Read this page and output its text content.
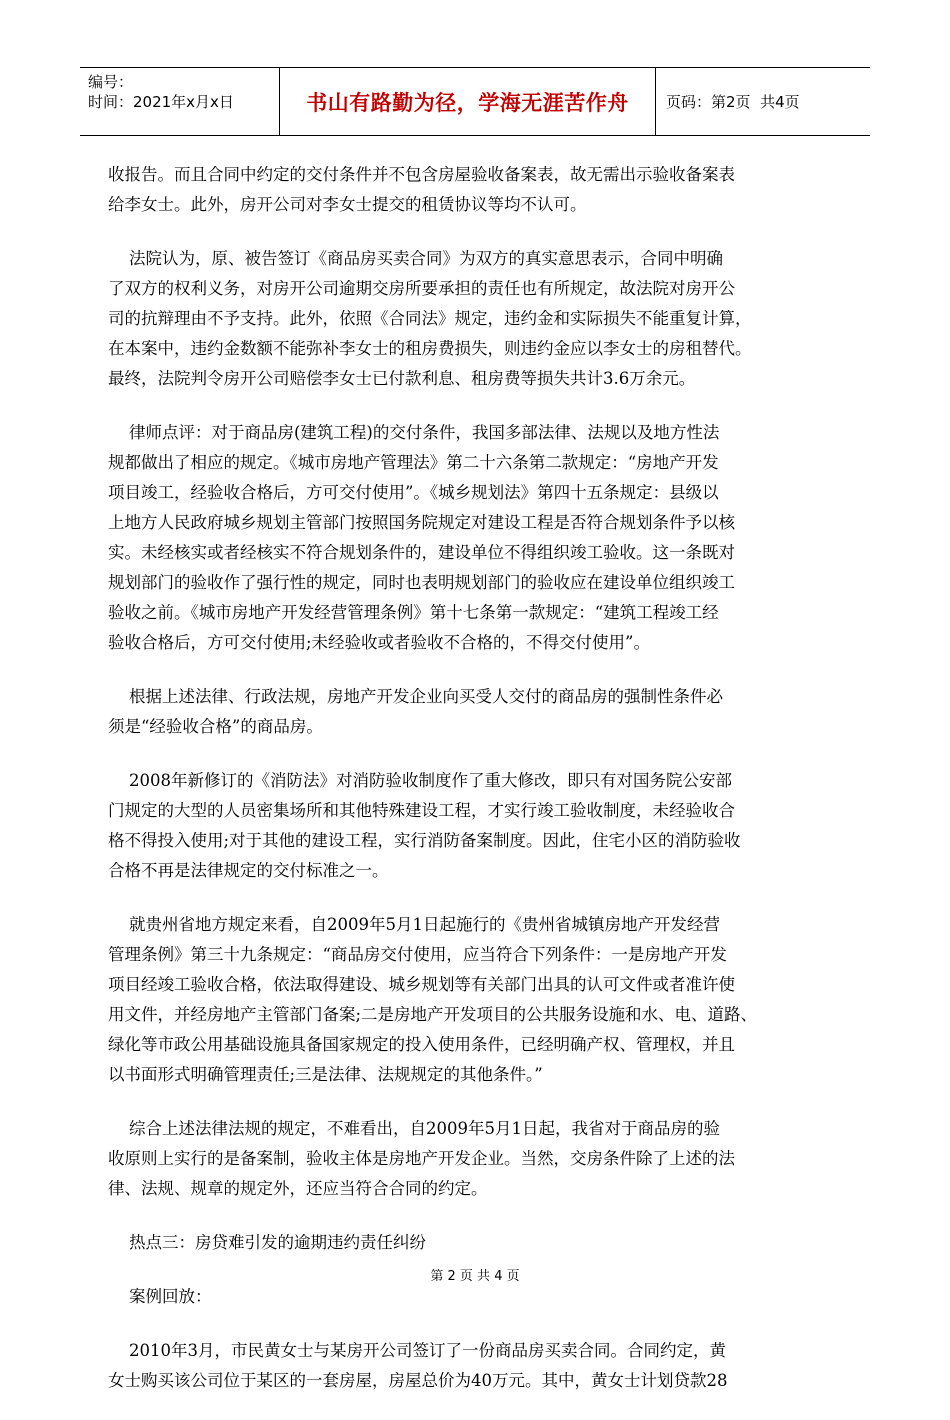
编号：
时间：2021年x月x日	书山有路勤为径，学海无涯苦作舟	页码：第2页  共4页
收报告。而且合同中约定的交付条件并不包含房屋验收备案表，故无需出示验收备案表
给李女士。此外，房开公司对李女士提交的租赁协议等均不认可。
法院认为，原、被告签订《商品房买卖合同》为双方的真实意思表示，合同中明确
了双方的权利义务，对房开公司逾期交房所要承担的责任也有所规定，故法院对房开公
司的抗辩理由不予支持。此外，依照《合同法》规定，违约金和实际损失不能重复计算，
在本案中，违约金数额不能弥补李女士的租房费损失，则违约金应以李女士的房租替代。
最终，法院判令房开公司赔偿李女士已付款利息、租房费等损失共计3.6万余元。
律师点评：对于商品房(建筑工程)的交付条件，我国多部法律、法规以及地方性法
规都做出了相应的规定。《城市房地产管理法》第二十六条第二款规定：“房地产开发
项目竣工，经验收合格后，方可交付使用”。《城乡规划法》第四十五条规定：县级以
上地方人民政府城乡规划主管部门按照国务院规定对建设工程是否符合规划条件予以核
实。未经核实或者经核实不符合规划条件的，建设单位不得组织竣工验收。这一条既对
规划部门的验收作了强行性的规定，同时也表明规划部门的验收应在建设单位组织竣工
验收之前。《城市房地产开发经营管理条例》第十七条第一款规定：“建筑工程竣工经
验收合格后，方可交付使用;未经验收或者验收不合格的，不得交付使用”。
根据上述法律、行政法规，房地产开发企业向买受人交付的商品房的强制性条件必
须是“经验收合格”的商品房。
2008年新修订的《消防法》对消防验收制度作了重大修改，即只有对国务院公安部
门规定的大型的人员密集场所和其他特殊建设工程，才实行竣工验收制度，未经验收合
格不得投入使用;对于其他的建设工程，实行消防备案制度。因此，住宅小区的消防验收
合格不再是法律规定的交付标准之一。
就贵州省地方规定来看，自2009年5月1日起施行的《贵州省城镇房地产开发经营
管理条例》第三十九条规定：“商品房交付使用，应当符合下列条件：一是房地产开发
项目经竣工验收合格，依法取得建设、城乡规划等有关部门出具的认可文件或者准许使
用文件，并经房地产主管部门备案;二是房地产开发项目的公共服务设施和水、电、道路、
绿化等市政公用基础设施具备国家规定的投入使用条件，已经明确产权、管理权，并且
以书面形式明确管理责任;三是法律、法规规定的其他条件。”
综合上述法律法规的规定，不难看出，自2009年5月1日起，我省对于商品房的验
收原则上实行的是备案制，验收主体是房地产开发企业。当然，交房条件除了上述的法
律、法规、规章的规定外，还应当符合合同的约定。
热点三：房贷难引发的逾期违约责任纠纷
案例回放：
2010年3月，市民黄女士与某房开公司签订了一份商品房买卖合同。合同约定，黄
女士购买该公司位于某区的一套房屋，房屋总价为40万元。其中，黄女士计划贷款28
第 2 页 共 4 页
